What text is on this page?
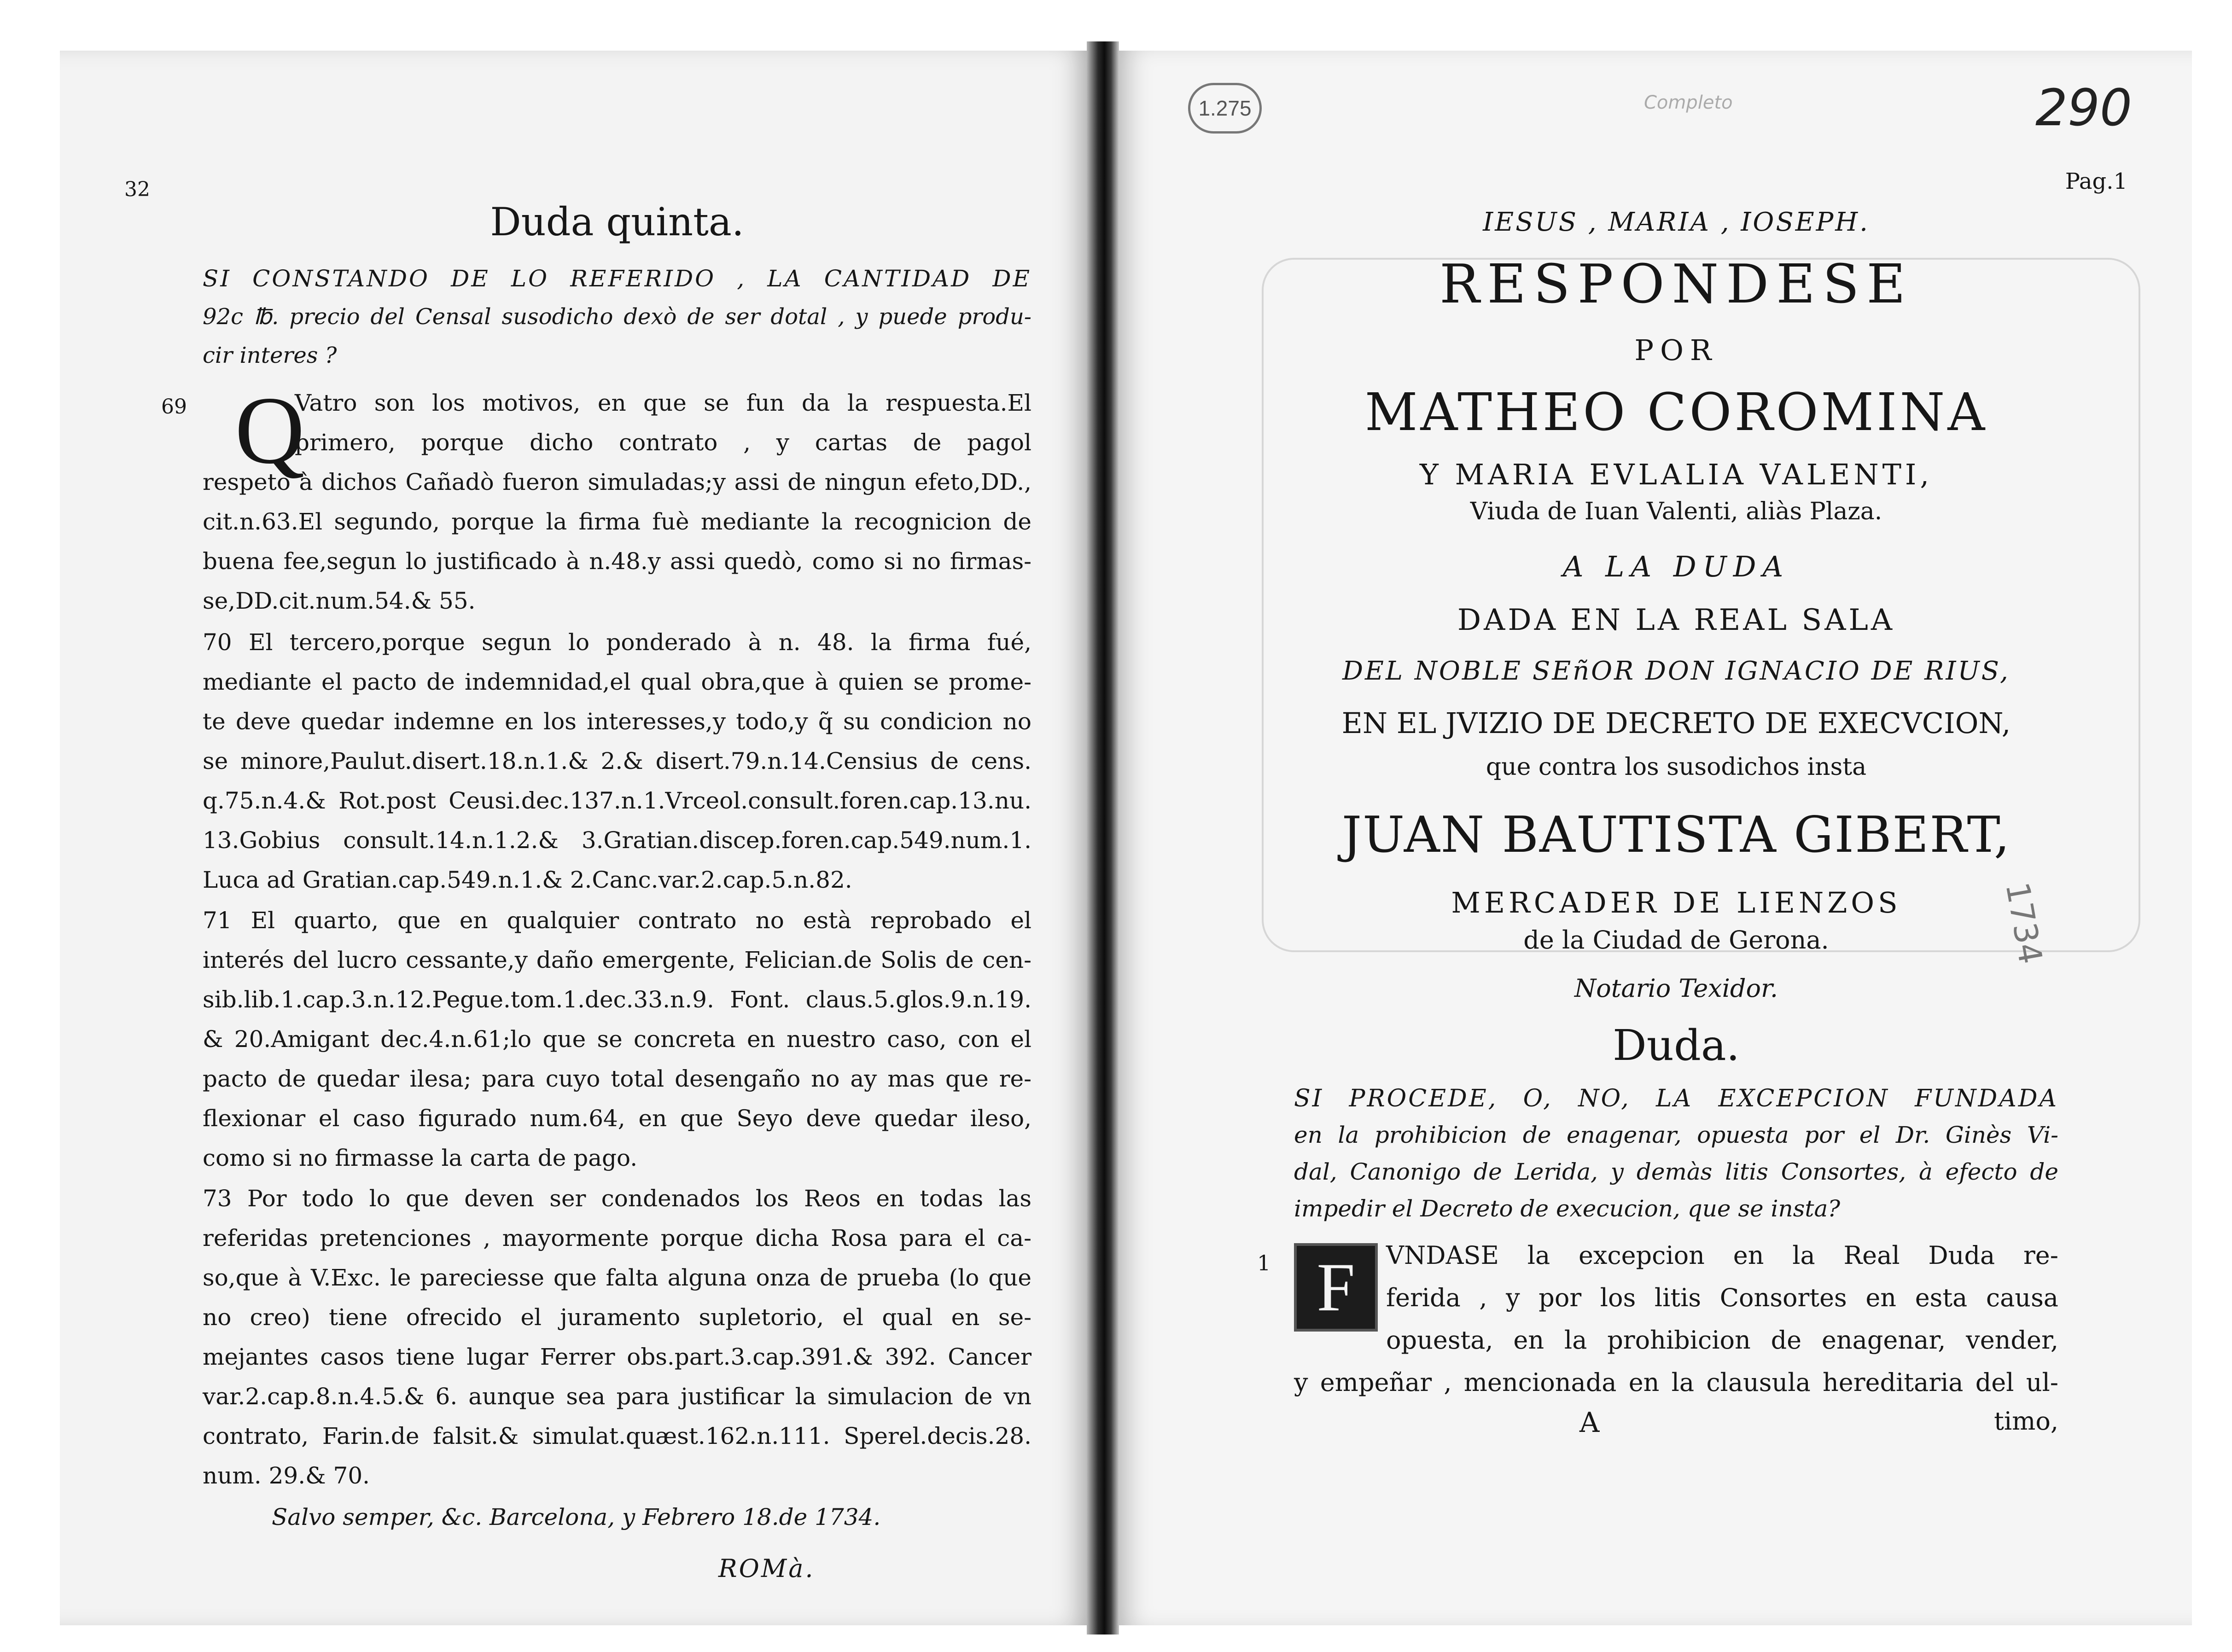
32

Duda quinta.

SI CONSTANDO DE LO REFERIDO , LA CANTIDAD DE

92c ℔. precio del Censal susodicho dexò de ser dotal , y puede produ-

cir interes ?

69 Q

Vatro son los motivos, en que se fun da la respuesta.El

primero, porque dicho contrato , y cartas de pagol

respeto à dichos Cañadò fueron simuladas;y assi de ningun efeto,DD.,

cit.n.63.El segundo, porque la firma fuè mediante la recognicion de

buena fee,segun lo justificado à n.48.y assi quedò, como si no firmas-

se,DD.cit.num.54.& 55.

70 El tercero,porque segun lo ponderado à n. 48. la firma fué,

mediante el pacto de indemnidad,el qual obra,que à quien se prome-

te deve quedar indemne en los interesses,y todo,y q̃ su condicion no

se minore,Paulut.disert.18.n.1.& 2.& disert.79.n.14.Censius de cens.

q.75.n.4.& Rot.post Ceusi.dec.137.n.1.Vrceol.consult.foren.cap.13.nu.

13.Gobius consult.14.n.1.2.& 3.Gratian.discep.foren.cap.549.num.1.

Luca ad Gratian.cap.549.n.1.& 2.Canc.var.2.cap.5.n.82.

71 El quarto, que en qualquier contrato no està reprobado el

interés del lucro cessante,y daño emergente, Felician.de Solis de cen-

sib.lib.1.cap.3.n.12.Pegue.tom.1.dec.33.n.9. Font. claus.5.glos.9.n.19.

& 20.Amigant dec.4.n.61;lo que se concreta en nuestro caso, con el

pacto de quedar ilesa; para cuyo total desengaño no ay mas que re-

flexionar el caso figurado num.64, en que Seyo deve quedar ileso,

como si no firmasse la carta de pago.

73 Por todo lo que deven ser condenados los Reos en todas las

referidas pretenciones , mayormente porque dicha Rosa para el ca-

so,que à V.Exc. le pareciesse que falta alguna onza de prueba (lo que

no creo) tiene ofrecido el juramento supletorio, el qual en se-

mejantes casos tiene lugar Ferrer obs.part.3.cap.391.& 392. Cancer

var.2.cap.8.n.4.5.& 6. aunque sea para justificar la simulacion de vn

contrato, Farin.de falsit.& simulat.quæst.162.n.111. Sperel.decis.28.

num. 29.& 70.

Salvo semper, &c. Barcelona, y Febrero 18.de 1734.

ROMà.

Pag.1

IESUS , MARIA , IOSEPH.

RESPONDESE

POR

MATHEO COROMINA

Y MARIA EVLALIA VALENTI,

Viuda de Iuan Valenti, aliàs Plaza.

A LA DUDA

DADA EN LA REAL SALA

DEL NOBLE SEñOR DON IGNACIO DE RIUS,

EN EL JVIZIO DE DECRETO DE EXECVCION,

que contra los susodichos insta

JUAN BAUTISTA GIBERT,

MERCADER DE LIENZOS

de la Ciudad de Gerona.

Notario Texidor.

Duda.

SI PROCEDE, O, NO, LA EXCEPCION FUNDADA

en la prohibicion de enagenar, opuesta por el Dr. Ginès Vi-

dal, Canonigo de Lerida, y demàs litis Consortes, à efecto de

impedir el Decreto de execucion, que se insta?

1 F VNDASE la excepcion en la Real Duda re-

ferida , y por los litis Consortes en esta causa

opuesta, en la prohibicion de enagenar, vender,

y empeñar , mencionada en la clausula hereditaria del ul-

A	timo,
1.275	Completo	290
1734
